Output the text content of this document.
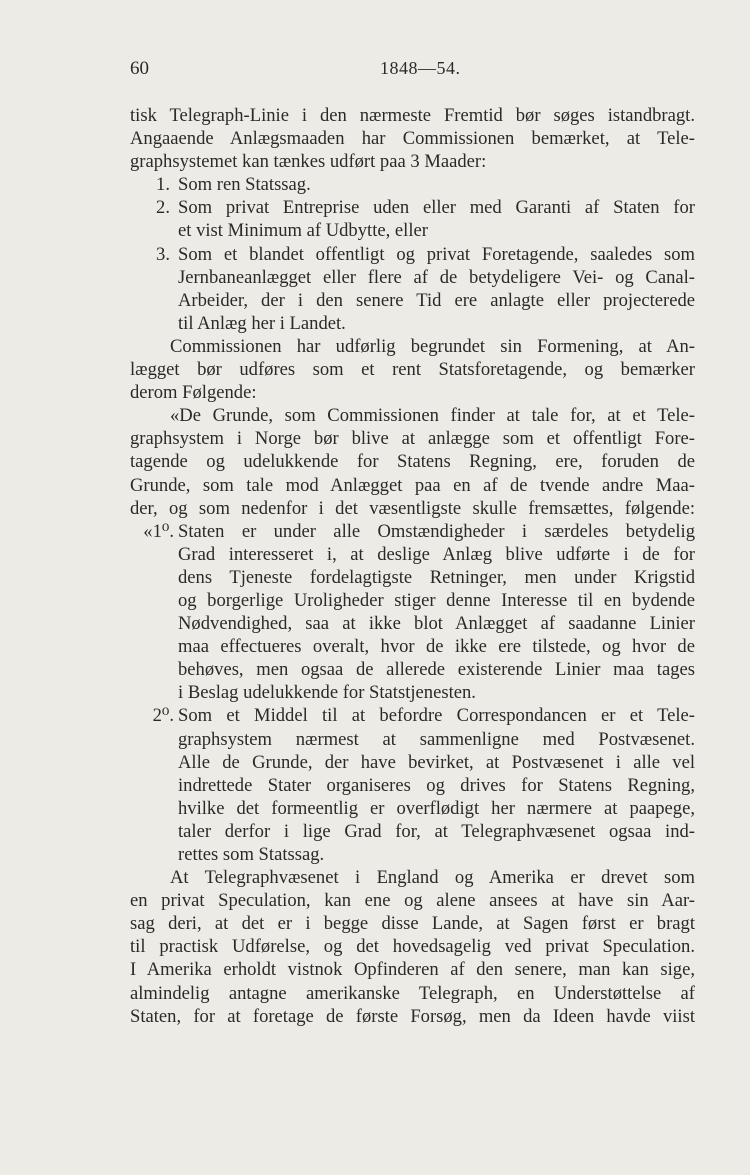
60	1848—54.
tisk Telegraph-Linie i den nærmeste Fremtid bør søges istandbragt.
Angaaende Anlægsmaaden har Commissionen bemærket, at Tele-
graphsystemet kan tænkes udført paa 3 Maader:
1. Som ren Statssag.
2. Som privat Entreprise uden eller med Garanti af Staten for
et vist Minimum af Udbytte, eller
3. Som et blandet offentligt og privat Foretagende, saaledes som
Jernbaneanlægget eller flere af de betydeligere Vei- og Canal-
Arbeider, der i den senere Tid ere anlagte eller projecterede
til Anlæg her i Landet.
Commissionen har udførlig begrundet sin Formening, at An-
lægget bør udføres som et rent Statsforetagende, og bemærker
derom Følgende:
«De Grunde, som Commissionen finder at tale for, at et Tele-
graphsystem i Norge bør blive at anlægge som et offentligt Fore-
tagende og udelukkende for Statens Regning, ere, foruden de
Grunde, som tale mod Anlægget paa en af de tvende andre Maa-
der, og som nedenfor i det væsentligste skulle fremsættes, følgende:
«1⁰. Staten er under alle Omstændigheder i særdeles betydelig
Grad interesseret i, at deslige Anlæg blive udførte i de for
dens Tjeneste fordelagtigste Retninger, men under Krigstid
og borgerlige Uroligheder stiger denne Interesse til en bydende
Nødvendighed, saa at ikke blot Anlægget af saadanne Linier
maa effectueres overalt, hvor de ikke ere tilstede, og hvor de
behøves, men ogsaa de allerede existerende Linier maa tages
i Beslag udelukkende for Statstjenesten.
2⁰. Som et Middel til at befordre Correspondancen er et Tele-
graphsystem nærmest at sammenligne med Postvæsenet.
Alle de Grunde, der have bevirket, at Postvæsenet i alle vel
indrettede Stater organiseres og drives for Statens Regning,
hvilke det formeentlig er overflødigt her nærmere at paapege,
taler derfor i lige Grad for, at Telegraphvæsenet ogsaa ind-
rettes som Statssag.
At Telegraphvæsenet i England og Amerika er drevet som
en privat Speculation, kan ene og alene ansees at have sin Aar-
sag deri, at det er i begge disse Lande, at Sagen først er bragt
til practisk Udførelse, og det hovedsagelig ved privat Speculation.
I Amerika erholdt vistnok Opfinderen af den senere, man kan sige,
almindelig antagne amerikanske Telegraph, en Understøttelse af
Staten, for at foretage de første Forsøg, men da Ideen havde viist
